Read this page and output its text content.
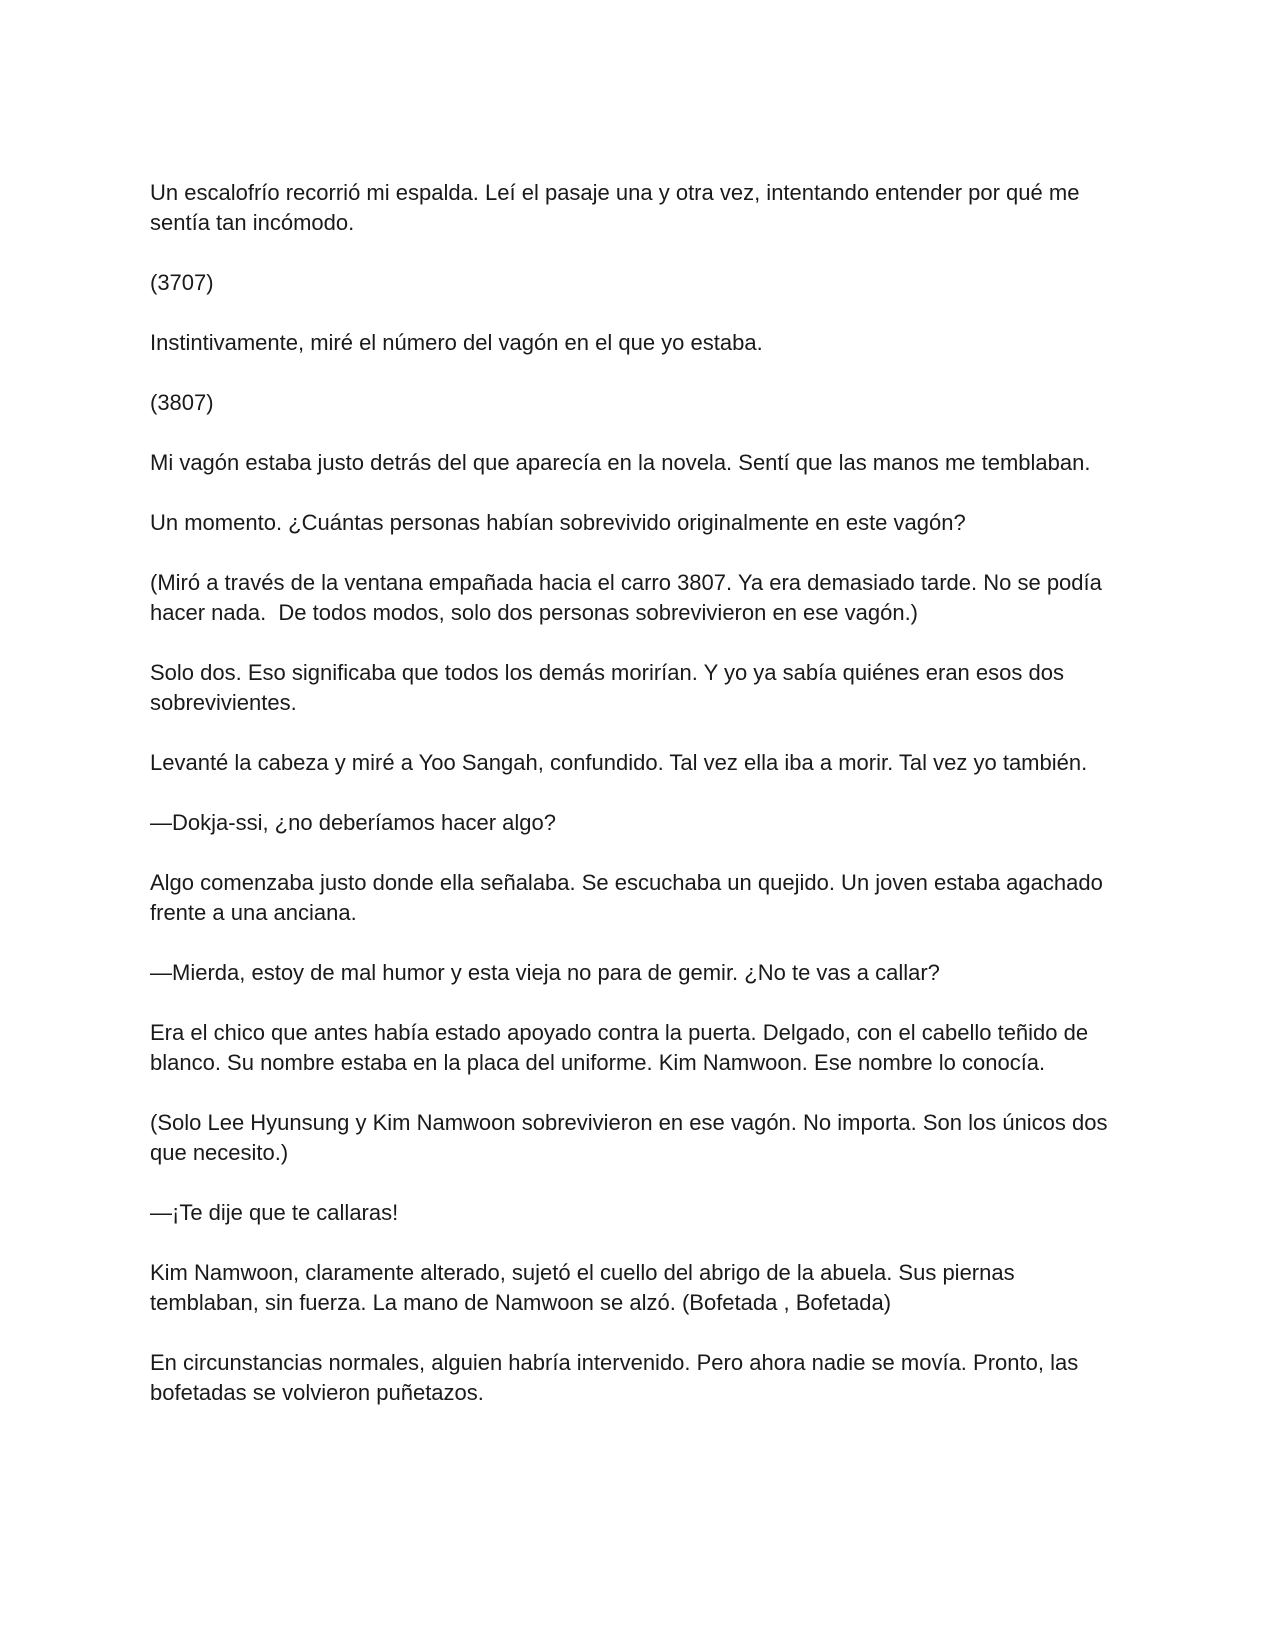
Un escalofrío recorrió mi espalda. Leí el pasaje una y otra vez, intentando entender por qué me sentía tan incómodo.

(3707)

Instintivamente, miré el número del vagón en el que yo estaba.

(3807)

Mi vagón estaba justo detrás del que aparecía en la novela. Sentí que las manos me temblaban.

Un momento. ¿Cuántas personas habían sobrevivido originalmente en este vagón?

(Miró a través de la ventana empañada hacia el carro 3807. Ya era demasiado tarde. No se podía hacer nada.  De todos modos, solo dos personas sobrevivieron en ese vagón.)

Solo dos. Eso significaba que todos los demás morirían. Y yo ya sabía quiénes eran esos dos sobrevivientes.

Levanté la cabeza y miré a Yoo Sangah, confundido. Tal vez ella iba a morir. Tal vez yo también.

—Dokja-ssi, ¿no deberíamos hacer algo?

Algo comenzaba justo donde ella señalaba. Se escuchaba un quejido. Un joven estaba agachado frente a una anciana.

—Mierda, estoy de mal humor y esta vieja no para de gemir. ¿No te vas a callar?

Era el chico que antes había estado apoyado contra la puerta. Delgado, con el cabello teñido de blanco. Su nombre estaba en la placa del uniforme. Kim Namwoon. Ese nombre lo conocía.

(Solo Lee Hyunsung y Kim Namwoon sobrevivieron en ese vagón. No importa. Son los únicos dos que necesito.)

—¡Te dije que te callaras!

Kim Namwoon, claramente alterado, sujetó el cuello del abrigo de la abuela. Sus piernas temblaban, sin fuerza. La mano de Namwoon se alzó. (Bofetada , Bofetada)

En circunstancias normales, alguien habría intervenido. Pero ahora nadie se movía. Pronto, las bofetadas se volvieron puñetazos.
